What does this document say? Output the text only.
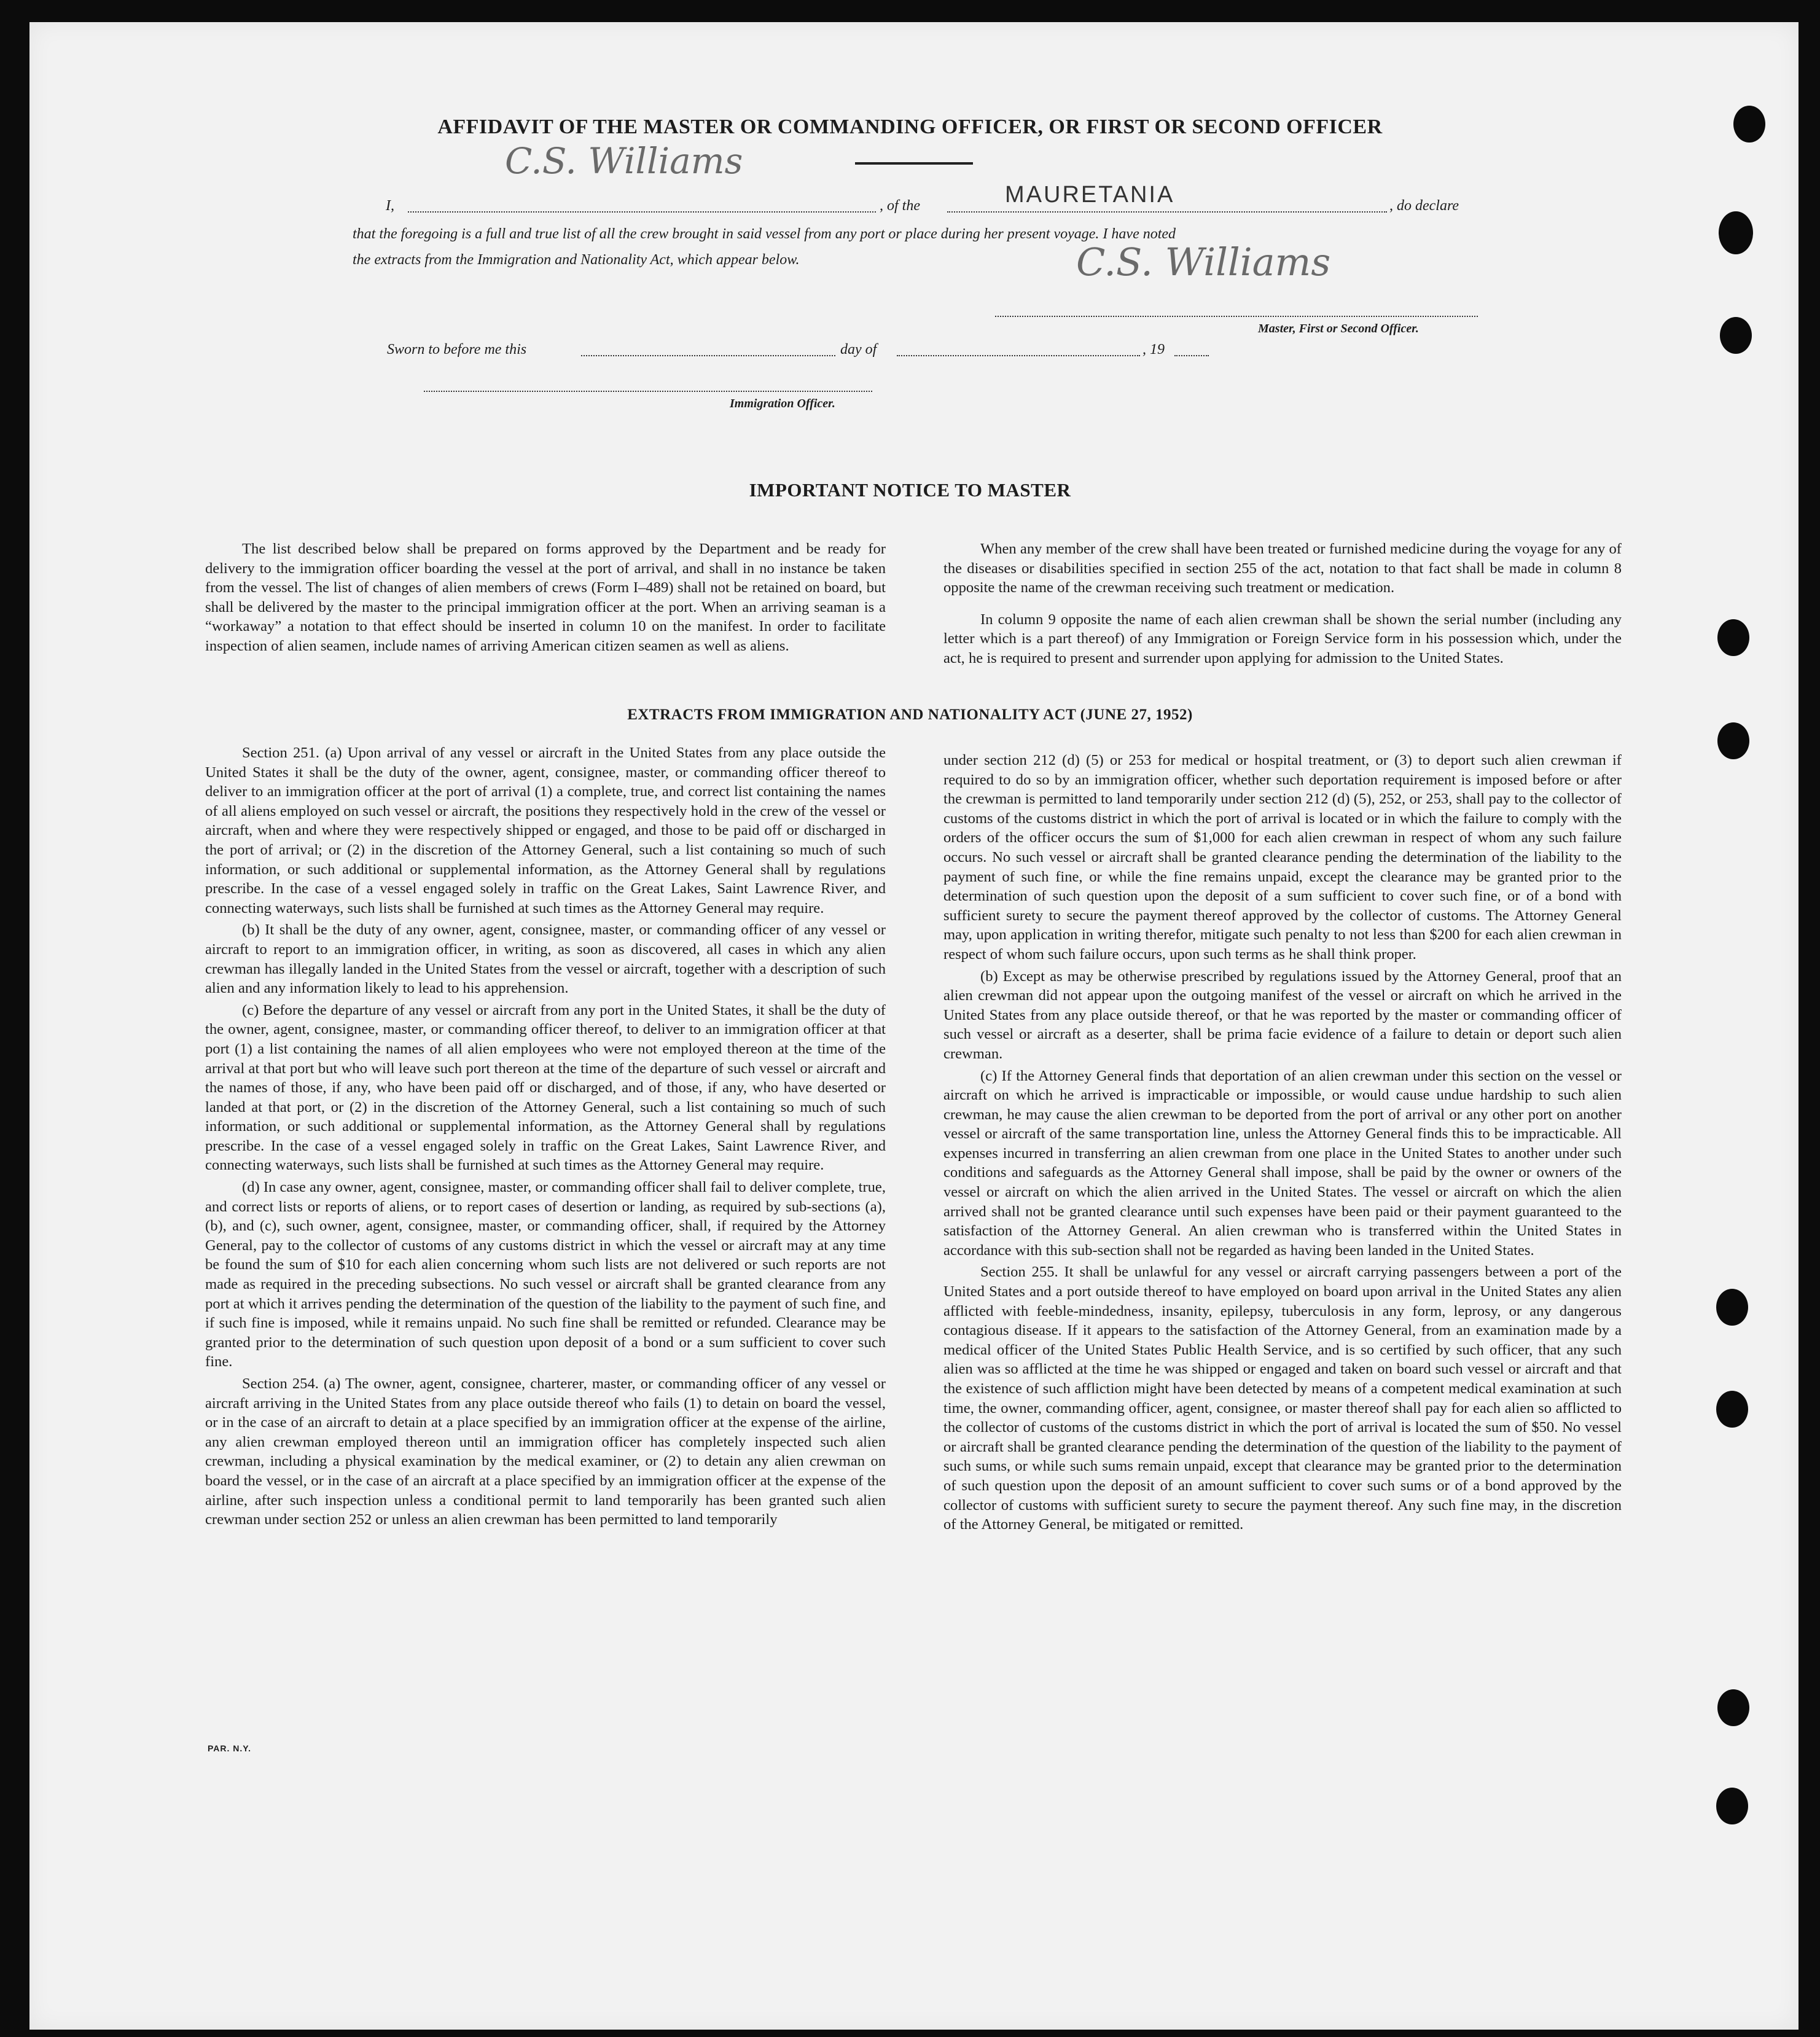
AFFIDAVIT OF THE MASTER OR COMMANDING OFFICER, OR FIRST OR SECOND OFFICER
C.S. Williams
I,	, of the	MAURETANIA	, do declare
that the foregoing is a full and true list of all the crew brought in said vessel from any port or place during her present voyage. I have noted
the extracts from the Immigration and Nationality Act, which appear below.	C.S. Williams
Master, First or Second Officer.
Sworn to before me this	day of	, 19
Immigration Officer.
IMPORTANT NOTICE TO MASTER

The list described below shall be prepared on forms approved by the Department and be ready for delivery to the immigration officer boarding the vessel at the port of arrival, and shall in no instance be taken from the vessel. The list of changes of alien members of crews (Form I–489) shall not be retained on board, but shall be delivered by the master to the principal immigration officer at the port. When an arriving seaman is a “workaway” a notation to that effect should be inserted in column 10 on the manifest. In order to facilitate inspection of alien seamen, include names of arriving American citizen seamen as well as aliens.

When any member of the crew shall have been treated or furnished medicine during the voyage for any of the diseases or disabilities specified in section 255 of the act, notation to that fact shall be made in column 8 opposite the name of the crewman receiving such treatment or medication.

In column 9 opposite the name of each alien crewman shall be shown the serial number (including any letter which is a part thereof) of any Immigration or Foreign Service form in his possession which, under the act, he is required to present and surrender upon applying for admission to the United States.

EXTRACTS FROM IMMIGRATION AND NATIONALITY ACT (JUNE 27, 1952)

Section 251. (a) Upon arrival of any vessel or aircraft in the United States from any place outside the United States it shall be the duty of the owner, agent, consignee, master, or commanding officer thereof to deliver to an immigration officer at the port of arrival (1) a complete, true, and correct list containing the names of all aliens employed on such vessel or aircraft, the positions they respectively hold in the crew of the vessel or aircraft, when and where they were respectively shipped or engaged, and those to be paid off or discharged in the port of arrival; or (2) in the discretion of the Attorney General, such a list containing so much of such information, or such additional or supplemental information, as the Attorney General shall by regulations prescribe. In the case of a vessel engaged solely in traffic on the Great Lakes, Saint Lawrence River, and connecting waterways, such lists shall be furnished at such times as the Attorney General may require.

(b) It shall be the duty of any owner, agent, consignee, master, or commanding officer of any vessel or aircraft to report to an immigration officer, in writing, as soon as discovered, all cases in which any alien crewman has illegally landed in the United States from the vessel or aircraft, together with a description of such alien and any information likely to lead to his apprehension.

(c) Before the departure of any vessel or aircraft from any port in the United States, it shall be the duty of the owner, agent, consignee, master, or commanding officer thereof, to deliver to an immigration officer at that port (1) a list containing the names of all alien employees who were not employed thereon at the time of the arrival at that port but who will leave such port thereon at the time of the departure of such vessel or aircraft and the names of those, if any, who have been paid off or discharged, and of those, if any, who have deserted or landed at that port, or (2) in the discretion of the Attorney General, such a list containing so much of such information, or such additional or supplemental information, as the Attorney General shall by regulations prescribe. In the case of a vessel engaged solely in traffic on the Great Lakes, Saint Lawrence River, and connecting waterways, such lists shall be furnished at such times as the Attorney General may require.

(d) In case any owner, agent, consignee, master, or commanding officer shall fail to deliver complete, true, and correct lists or reports of aliens, or to report cases of desertion or landing, as required by sub-sections (a), (b), and (c), such owner, agent, consignee, master, or commanding officer, shall, if required by the Attorney General, pay to the collector of customs of any customs district in which the vessel or aircraft may at any time be found the sum of $10 for each alien concerning whom such lists are not delivered or such reports are not made as required in the preceding subsections. No such vessel or aircraft shall be granted clearance from any port at which it arrives pending the determination of the question of the liability to the payment of such fine, and if such fine is imposed, while it remains unpaid. No such fine shall be remitted or refunded. Clearance may be granted prior to the determination of such question upon deposit of a bond or a sum sufficient to cover such fine.

Section 254. (a) The owner, agent, consignee, charterer, master, or commanding officer of any vessel or aircraft arriving in the United States from any place outside thereof who fails (1) to detain on board the vessel, or in the case of an aircraft to detain at a place specified by an immigration officer at the expense of the airline, any alien crewman employed thereon until an immigration officer has completely inspected such alien crewman, including a physical examination by the medical examiner, or (2) to detain any alien crewman on board the vessel, or in the case of an aircraft at a place specified by an immigration officer at the expense of the airline, after such inspection unless a conditional permit to land temporarily has been granted such alien crewman under section 252 or unless an alien crewman has been permitted to land temporarily

under section 212 (d) (5) or 253 for medical or hospital treatment, or (3) to deport such alien crewman if required to do so by an immigration officer, whether such deportation requirement is imposed before or after the crewman is permitted to land temporarily under section 212 (d) (5), 252, or 253, shall pay to the collector of customs of the customs district in which the port of arrival is located or in which the failure to comply with the orders of the officer occurs the sum of $1,000 for each alien crewman in respect of whom any such failure occurs. No such vessel or aircraft shall be granted clearance pending the determination of the liability to the payment of such fine, or while the fine remains unpaid, except the clearance may be granted prior to the determination of such question upon the deposit of a sum sufficient to cover such fine, or of a bond with sufficient surety to secure the payment thereof approved by the collector of customs. The Attorney General may, upon application in writing therefor, mitigate such penalty to not less than $200 for each alien crewman in respect of whom such failure occurs, upon such terms as he shall think proper.

(b) Except as may be otherwise prescribed by regulations issued by the Attorney General, proof that an alien crewman did not appear upon the outgoing manifest of the vessel or aircraft on which he arrived in the United States from any place outside thereof, or that he was reported by the master or commanding officer of such vessel or aircraft as a deserter, shall be prima facie evidence of a failure to detain or deport such alien crewman.

(c) If the Attorney General finds that deportation of an alien crewman under this section on the vessel or aircraft on which he arrived is impracticable or impossible, or would cause undue hardship to such alien crewman, he may cause the alien crewman to be deported from the port of arrival or any other port on another vessel or aircraft of the same transportation line, unless the Attorney General finds this to be impracticable. All expenses incurred in transferring an alien crewman from one place in the United States to another under such conditions and safeguards as the Attorney General shall impose, shall be paid by the owner or owners of the vessel or aircraft on which the alien arrived in the United States. The vessel or aircraft on which the alien arrived shall not be granted clearance until such expenses have been paid or their payment guaranteed to the satisfaction of the Attorney General. An alien crewman who is transferred within the United States in accordance with this sub-section shall not be regarded as having been landed in the United States.

Section 255. It shall be unlawful for any vessel or aircraft carrying passengers between a port of the United States and a port outside thereof to have employed on board upon arrival in the United States any alien afflicted with feeble-mindedness, insanity, epilepsy, tuberculosis in any form, leprosy, or any dangerous contagious disease. If it appears to the satisfaction of the Attorney General, from an examination made by a medical officer of the United States Public Health Service, and is so certified by such officer, that any such alien was so afflicted at the time he was shipped or engaged and taken on board such vessel or aircraft and that the existence of such affliction might have been detected by means of a competent medical examination at such time, the owner, commanding officer, agent, consignee, or master thereof shall pay for each alien so afflicted to the collector of customs of the customs district in which the port of arrival is located the sum of $50. No vessel or aircraft shall be granted clearance pending the determination of the question of the liability to the payment of such sums, or while such sums remain unpaid, except that clearance may be granted prior to the determination of such question upon the deposit of an amount sufficient to cover such sums or of a bond approved by the collector of customs with sufficient surety to secure the payment thereof. Any such fine may, in the discretion of the Attorney General, be mitigated or remitted.

PAR. N.Y.
